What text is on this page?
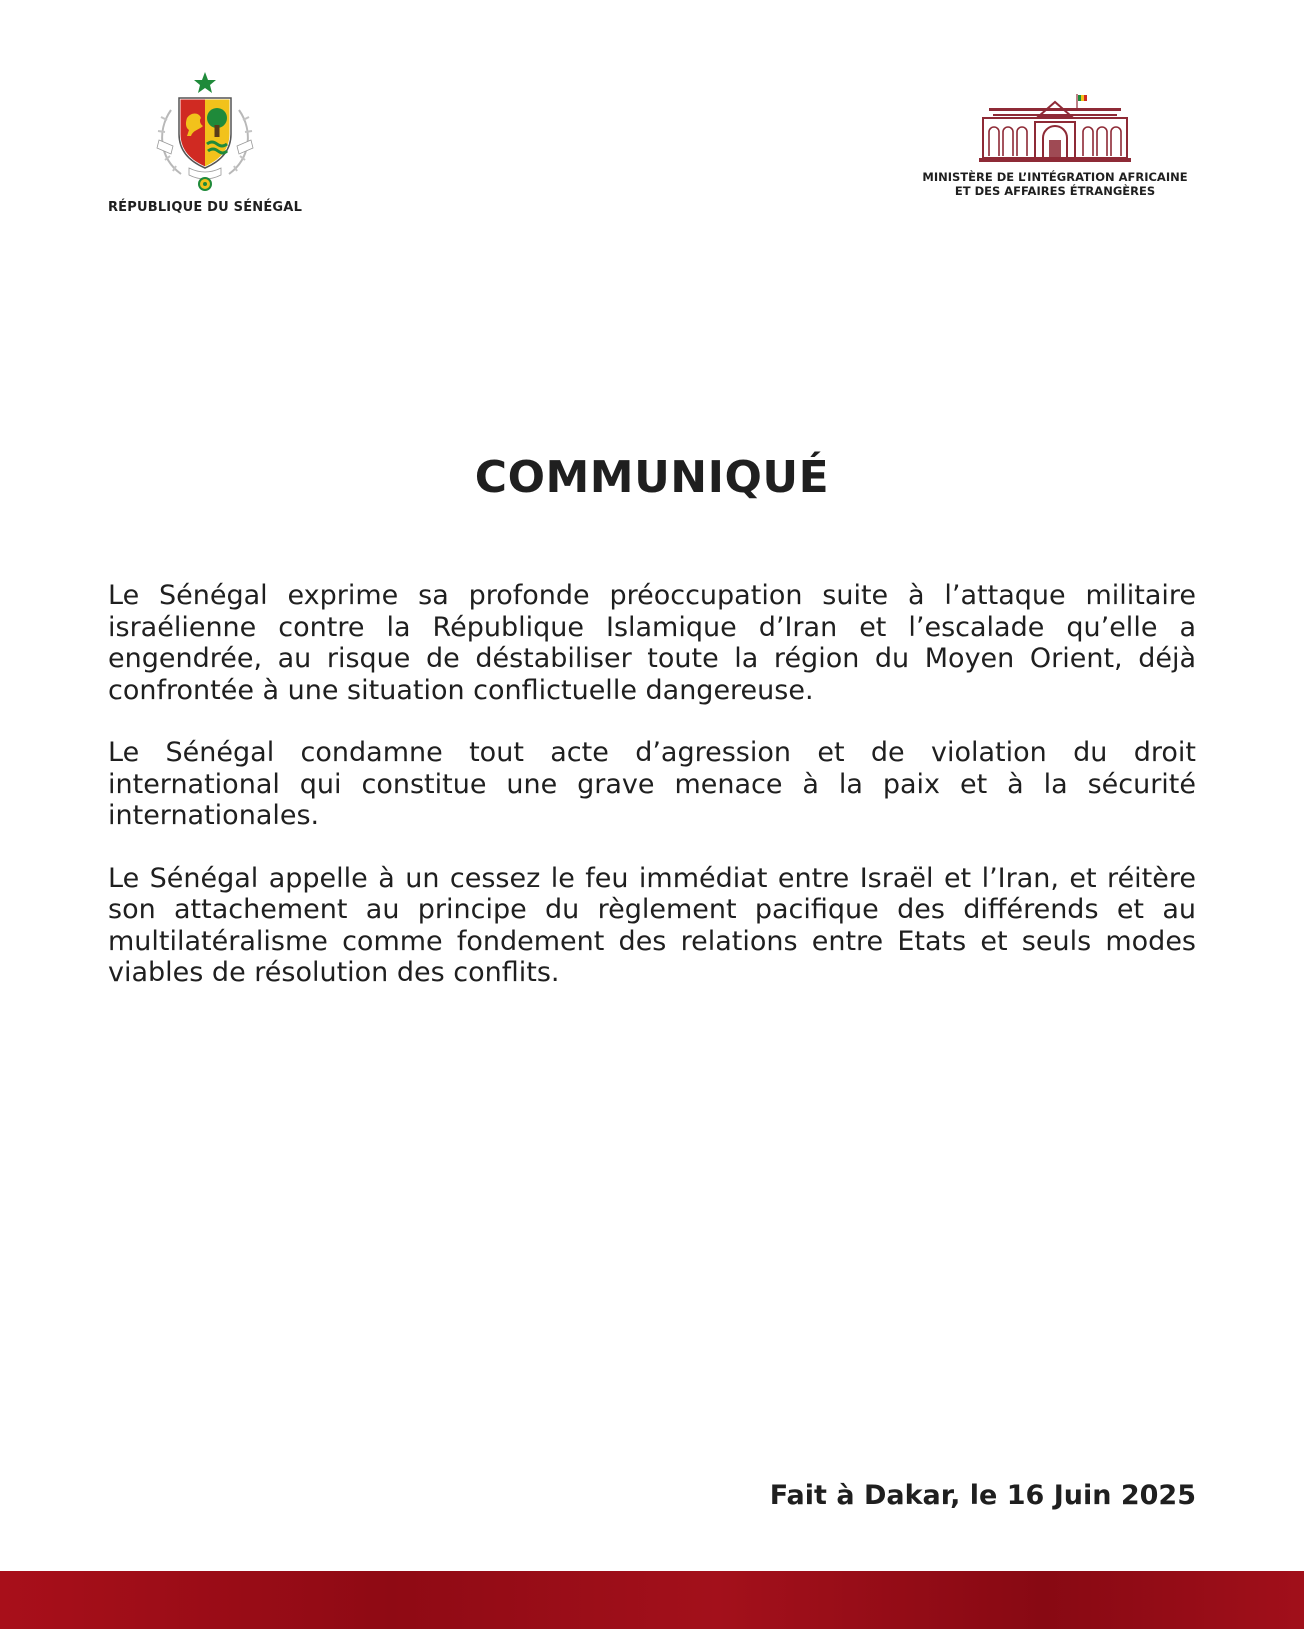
RÉPUBLIQUE DU SÉNÉGAL
MINISTÈRE DE L’INTÉGRATION AFRICAINE
ET DES AFFAIRES ÉTRANGÈRES
COMMUNIQUÉ

Le Sénégal exprime sa profonde préoccupation suite à l’attaque militaire israélienne contre la République Islamique d’Iran et l’escalade qu’elle a engendrée, au risque de déstabiliser toute la région du Moyen Orient, déjà confrontée à une situation conflictuelle dangereuse.

Le Sénégal condamne tout acte d’agression et de violation du droit international qui constitue une grave menace à la paix et à la sécurité internationales.

Le Sénégal appelle à un cessez le feu immédiat entre Israël et l’Iran, et réitère son attachement au principe du règlement pacifique des différends et au multilatéralisme comme fondement des relations entre Etats et seuls modes viables de résolution des conflits.

Fait à Dakar, le 16 Juin 2025
